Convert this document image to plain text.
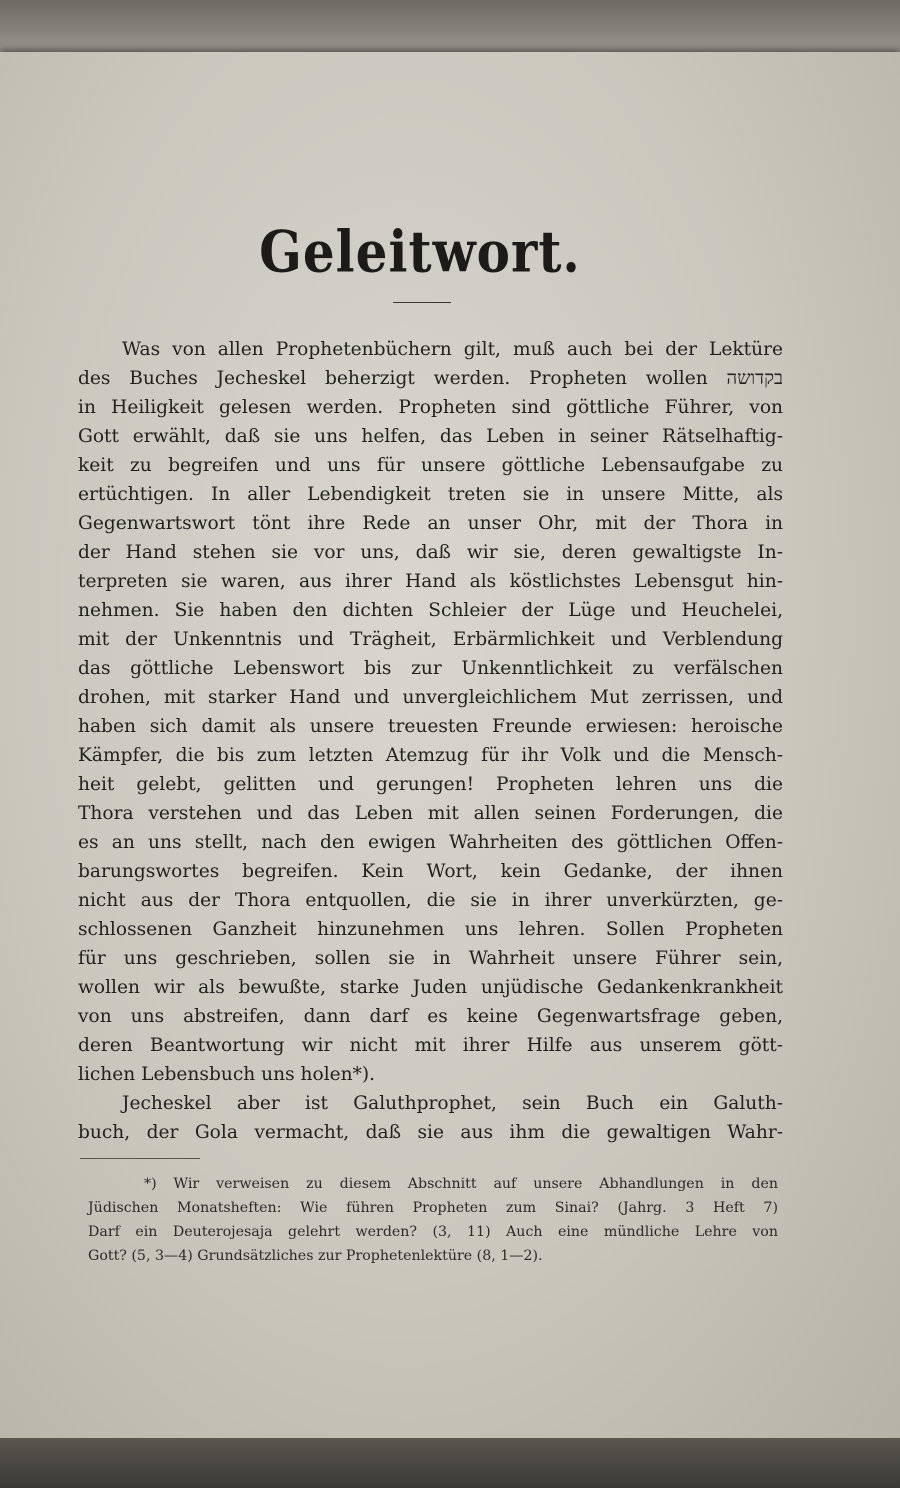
Geleitwort.
Was von allen Prophetenbüchern gilt, muß auch bei der Lektüre
des Buches Jecheskel beherzigt werden. Propheten wollen בקדושה
in Heiligkeit gelesen werden. Propheten sind göttliche Führer, von
Gott erwählt, daß sie uns helfen, das Leben in seiner Rätselhaftig-
keit zu begreifen und uns für unsere göttliche Lebensaufgabe zu
ertüchtigen. In aller Lebendigkeit treten sie in unsere Mitte, als
Gegenwartswort tönt ihre Rede an unser Ohr, mit der Thora in
der Hand stehen sie vor uns, daß wir sie, deren gewaltigste In-
terpreten sie waren, aus ihrer Hand als köstlichstes Lebensgut hin-
nehmen. Sie haben den dichten Schleier der Lüge und Heuchelei,
mit der Unkenntnis und Trägheit, Erbärmlichkeit und Verblendung
das göttliche Lebenswort bis zur Unkenntlichkeit zu verfälschen
drohen, mit starker Hand und unvergleichlichem Mut zerrissen, und
haben sich damit als unsere treuesten Freunde erwiesen: heroische
Kämpfer, die bis zum letzten Atemzug für ihr Volk und die Mensch-
heit gelebt, gelitten und gerungen! Propheten lehren uns die
Thora verstehen und das Leben mit allen seinen Forderungen, die
es an uns stellt, nach den ewigen Wahrheiten des göttlichen Offen-
barungswortes begreifen. Kein Wort, kein Gedanke, der ihnen
nicht aus der Thora entquollen, die sie in ihrer unverkürzten, ge-
schlossenen Ganzheit hinzunehmen uns lehren. Sollen Propheten
für uns geschrieben, sollen sie in Wahrheit unsere Führer sein,
wollen wir als bewußte, starke Juden unjüdische Gedankenkrankheit
von uns abstreifen, dann darf es keine Gegenwartsfrage geben,
deren Beantwortung wir nicht mit ihrer Hilfe aus unserem gött-
lichen Lebensbuch uns holen*).
Jecheskel aber ist Galuthprophet, sein Buch ein Galuth-
buch, der Gola vermacht, daß sie aus ihm die gewaltigen Wahr-
*) Wir verweisen zu diesem Abschnitt auf unsere Abhandlungen in den
Jüdischen Monatsheften: Wie führen Propheten zum Sinai? (Jahrg. 3 Heft 7)
Darf ein Deuterojesaja gelehrt werden? (3, 11) Auch eine mündliche Lehre von
Gott? (5, 3—4) Grundsätzliches zur Prophetenlektüre (8, 1—2).
